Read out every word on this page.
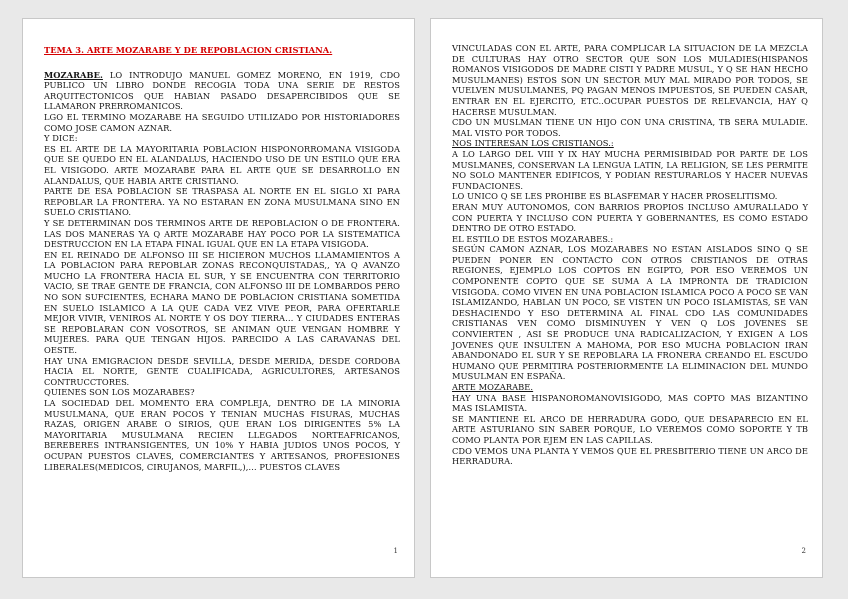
TEMA 3. ARTE MOZARABE Y DE REPOBLACION CRISTIANA.

MOZARABE. LO INTRODUJO MANUEL GOMEZ MORENO, EN 1919, CDO PUBLICO UN LIBRO DONDE RECOGIA TODA UNA SERIE DE RESTOS ARQUITECTONICOS QUE HABIAN PASADO DESAPERCIBIDOS QUE SE LLAMARON PRERROMANICOS.

LGO EL TERMINO MOZARABE HA SEGUIDO UTILIZADO POR HISTORIADORES COMO JOSE CAMON AZNAR.

Y DICE:

ES EL ARTE DE LA MAYORITARIA POBLACION HISPONORROMANA VISIGODA QUE SE QUEDO EN EL ALANDALUS, HACIENDO USO DE UN ESTILO QUE ERA EL VISIGODO. ARTE MOZARABE PARA EL ARTE QUE SE DESARROLLO EN ALANDALUS, QUE HABIA ARTE CRISTIANO.

PARTE DE ESA POBLACION SE TRASPASA AL NORTE EN EL SIGLO XI PARA REPOBLAR LA FRONTERA. YA NO ESTARAN EN ZONA MUSULMANA SINO EN SUELO CRISTIANO.

Y SE DETERMINAN DOS TERMINOS ARTE DE REPOBLACION O DE FRONTERA. LAS DOS MANERAS YA Q ARTE MOZARABE HAY POCO POR LA SISTEMATICA DESTRUCCION EN LA ETAPA FINAL IGUAL QUE EN LA ETAPA VISIGODA.

EN EL REINADO DE ALFONSO III SE HICIERON MUCHOS LLAMAMIENTOS A LA POBLACION PARA REPOBLAR ZONAS RECONQUISTADAS,, YA Q AVANZO MUCHO LA FRONTERA HACIA EL SUR, Y SE ENCUENTRA CON TERRITORIO VACIO, SE TRAE GENTE DE FRANCIA, CON ALFONSO III DE LOMBARDOS PERO NO SON SUFCIENTES, ECHARA MANO DE POBLACION CRISTIANA SOMETIDA EN SUELO ISLAMICO A LA QUE CADA VEZ VIVE PEOR, PARA OFERTARLE MEJOR VIVIR, VENIROS AL NORTE Y OS DOY TIERRA… Y CIUDADES ENTERAS SE REPOBLARAN CON VOSOTROS, SE ANIMAN QUE VENGAN HOMBRE Y MUJERES. PARA QUE TENGAN HIJOS. PARECIDO A LAS CARAVANAS DEL OESTE.

HAY UNA EMIGRACION DESDE SEVILLA, DESDE MERIDA, DESDE CORDOBA HACIA EL NORTE, GENTE CUALIFICADA, AGRICULTORES, ARTESANOS CONTRUCCTORES.

QUIENES SON LOS MOZARABES?

LA SOCIEDAD DEL MOMENTO ERA COMPLEJA, DENTRO DE LA MINORIA MUSULMANA, QUE ERAN POCOS Y TENIAN MUCHAS FISURAS, MUCHAS RAZAS, ORIGEN ARABE O SIRIOS, QUE ERAN LOS DIRIGENTES 5% LA MAYORITARIA MUSULMANA RECIEN LLEGADOS NORTEAFRICANOS, BEREBERES INTRANSIGENTES, UN 10% Y HABIA JUDIOS UNOS POCOS, Y OCUPAN PUESTOS CLAVES, COMERCIANTES Y ARTESANOS, PROFESIONES LIBERALES(MEDICOS, CIRUJANOS, MARFIL,),… PUESTOS CLAVES

1

VINCULADAS CON EL ARTE, PARA COMPLICAR LA SITUACION DE LA MEZCLA DE CULTURAS HAY OTRO SECTOR QUE SON LOS MULADIES(HISPANOS ROMANOS VISIGODOS DE MADRE CISTI Y PADRE MUSUL, Y Q SE HAN HECHO MUSULMANES) ESTOS SON UN SECTOR MUY MAL MIRADO POR TODOS, SE VUELVEN MUSULMANES, PQ PAGAN MENOS IMPUESTOS, SE PUEDEN CASAR, ENTRAR EN EL EJERCITO, ETC..OCUPAR PUESTOS DE RELEVANCIA, HAY Q HACERSE MUSULMAN.

CDO UN MUSLMAN TIENE UN HIJO CON UNA CRISTINA, TB SERA MULADIE. MAL VISTO POR TODOS.

NOS INTERESAN LOS CRISTIANOS.:

A LO LARGO DEL VIII Y IX HAY MUCHA PERMISIBIDAD POR PARTE DE LOS MUSLMANES, CONSERVAN LA LENGUA LATIN, LA RELIGION, SE LES PERMITE NO SOLO MANTENER EDIFICOS, Y PODIAN RESTURARLOS Y HACER NUEVAS FUNDACIONES.

LO UNICO Q SE LES PROHIBE ES BLASFEMAR Y HACER PROSELITISMO.

ERAN MUY AUTONOMOS, CON BARRIOS PROPIOS INCLUSO AMURALLADO Y CON PUERTA Y INCLUSO CON PUERTA Y GOBERNANTES, ES COMO ESTADO DENTRO DE OTRO ESTADO.

EL ESTILO DE ESTOS MOZARABES.:

SEGÚN CAMON AZNAR, LOS MOZARABES NO ESTAN AISLADOS SINO Q SE PUEDEN PONER EN CONTACTO CON OTROS CRISTIANOS DE OTRAS REGIONES, EJEMPLO LOS COPTOS EN EGIPTO, POR ESO VEREMOS UN COMPONENTE COPTO QUE SE SUMA A LA IMPRONTA DE TRADICION VISIGODA. COMO VIVEN EN UNA POBLACION ISLAMICA POCO A POCO SE VAN ISLAMIZANDO, HABLAN UN POCO, SE VISTEN UN POCO ISLAMISTAS, SE VAN DESHACIENDO Y ESO DETERMINA AL FINAL CDO LAS COMUNIDADES CRISTIANAS VEN COMO DISMINUYEN Y VEN Q LOS JOVENES SE CONVIERTEN , ASI SE PRODUCE UNA RADICALIZACION, Y EXIGEN A LOS JOVENES QUE INSULTEN A MAHOMA, POR ESO MUCHA POBLACION IRAN ABANDONADO EL SUR Y SE REPOBLARA LA FRONERA CREANDO EL ESCUDO HUMANO QUE PERMITIRA POSTERIORMENTE LA ELIMINACION DEL MUNDO MUSULMAN EN ESPAÑA.

ARTE MOZARABE.

HAY UNA BASE HISPANOROMANOVISIGODO, MAS COPTO MAS BIZANTINO MAS ISLAMISTA.

SE MANTIENE EL ARCO DE HERRADURA GODO, QUE DESAPARECIO EN EL ARTE ASTURIANO SIN SABER PORQUE, LO VEREMOS COMO SOPORTE Y TB COMO PLANTA POR EJEM EN LAS CAPILLAS.

CDO VEMOS UNA PLANTA Y VEMOS QUE EL PRESBITERIO TIENE UN ARCO DE HERRADURA.

2
